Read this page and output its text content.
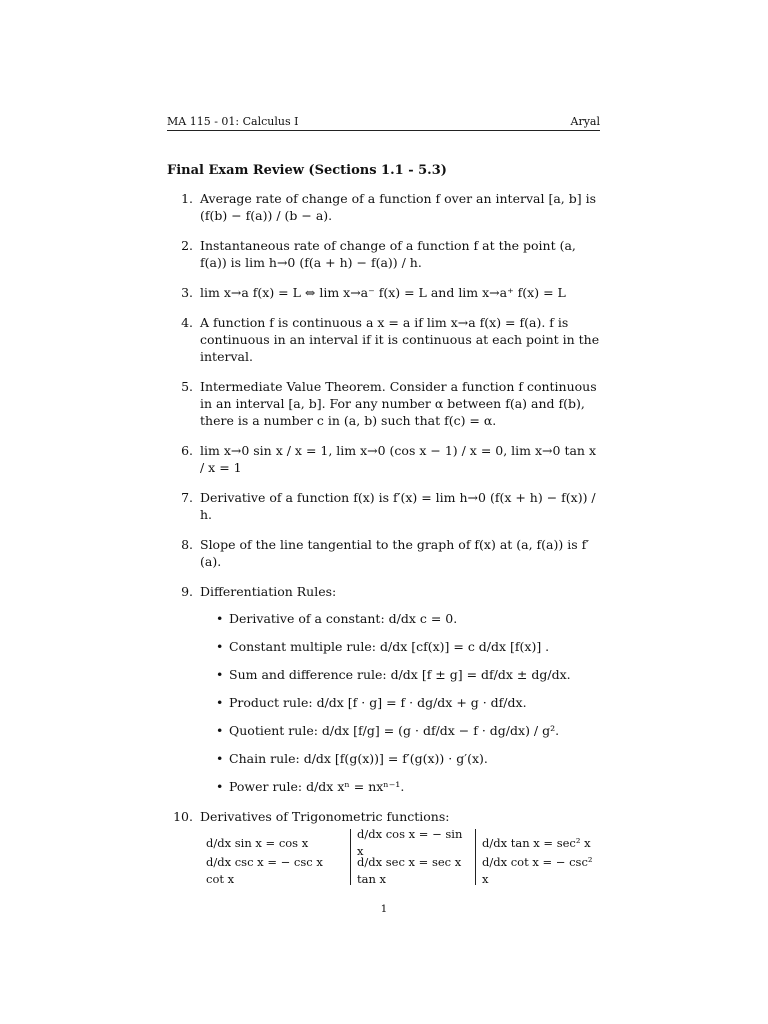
MA 115 - 01: Calculus I	Aryal
Final Exam Review (Sections 1.1 - 5.3)
1. Average rate of change of a function f over an interval [a, b] is (f(b) − f(a)) / (b − a).
2. Instantaneous rate of change of a function f at the point (a, f(a)) is lim h→0 (f(a + h) − f(a)) / h.
3. lim x→a f(x) = L ⇔ lim x→a⁻ f(x) = L and lim x→a⁺ f(x) = L
4. A function f is continuous a x = a if lim x→a f(x) = f(a). f is continuous in an interval if it is continuous at each point in the interval.
5. Intermediate Value Theorem. Consider a function f continuous in an interval [a, b]. For any number α between f(a) and f(b), there is a number c in (a, b) such that f(c) = α.
6. lim x→0 sin x / x = 1, lim x→0 (cos x − 1) / x = 0, lim x→0 tan x / x = 1
7. Derivative of a function f(x) is f′(x) = lim h→0 (f(x + h) − f(x)) / h.
8. Slope of the line tangential to the graph of f(x) at (a, f(a)) is f′(a).
9. Differentiation Rules:
• Derivative of a constant: d/dx c = 0.
• Constant multiple rule: d/dx [cf(x)] = c d/dx [f(x)] .
• Sum and difference rule: d/dx [f ± g] = df/dx ± dg/dx.
• Product rule: d/dx [f · g] = f · dg/dx + g · df/dx.
• Quotient rule: d/dx [f/g] = (g · df/dx − f · dg/dx) / g².
• Chain rule: d/dx [f(g(x))] = f′(g(x)) · g′(x).
• Power rule: d/dx xⁿ = nxⁿ⁻¹.
10. Derivatives of Trigonometric functions:
d/dx sin x = cos x
d/dx csc x = − csc x cot x
d/dx cos x = − sin x
d/dx sec x = sec x tan x
d/dx tan x = sec² x
d/dx cot x = − csc² x
1
